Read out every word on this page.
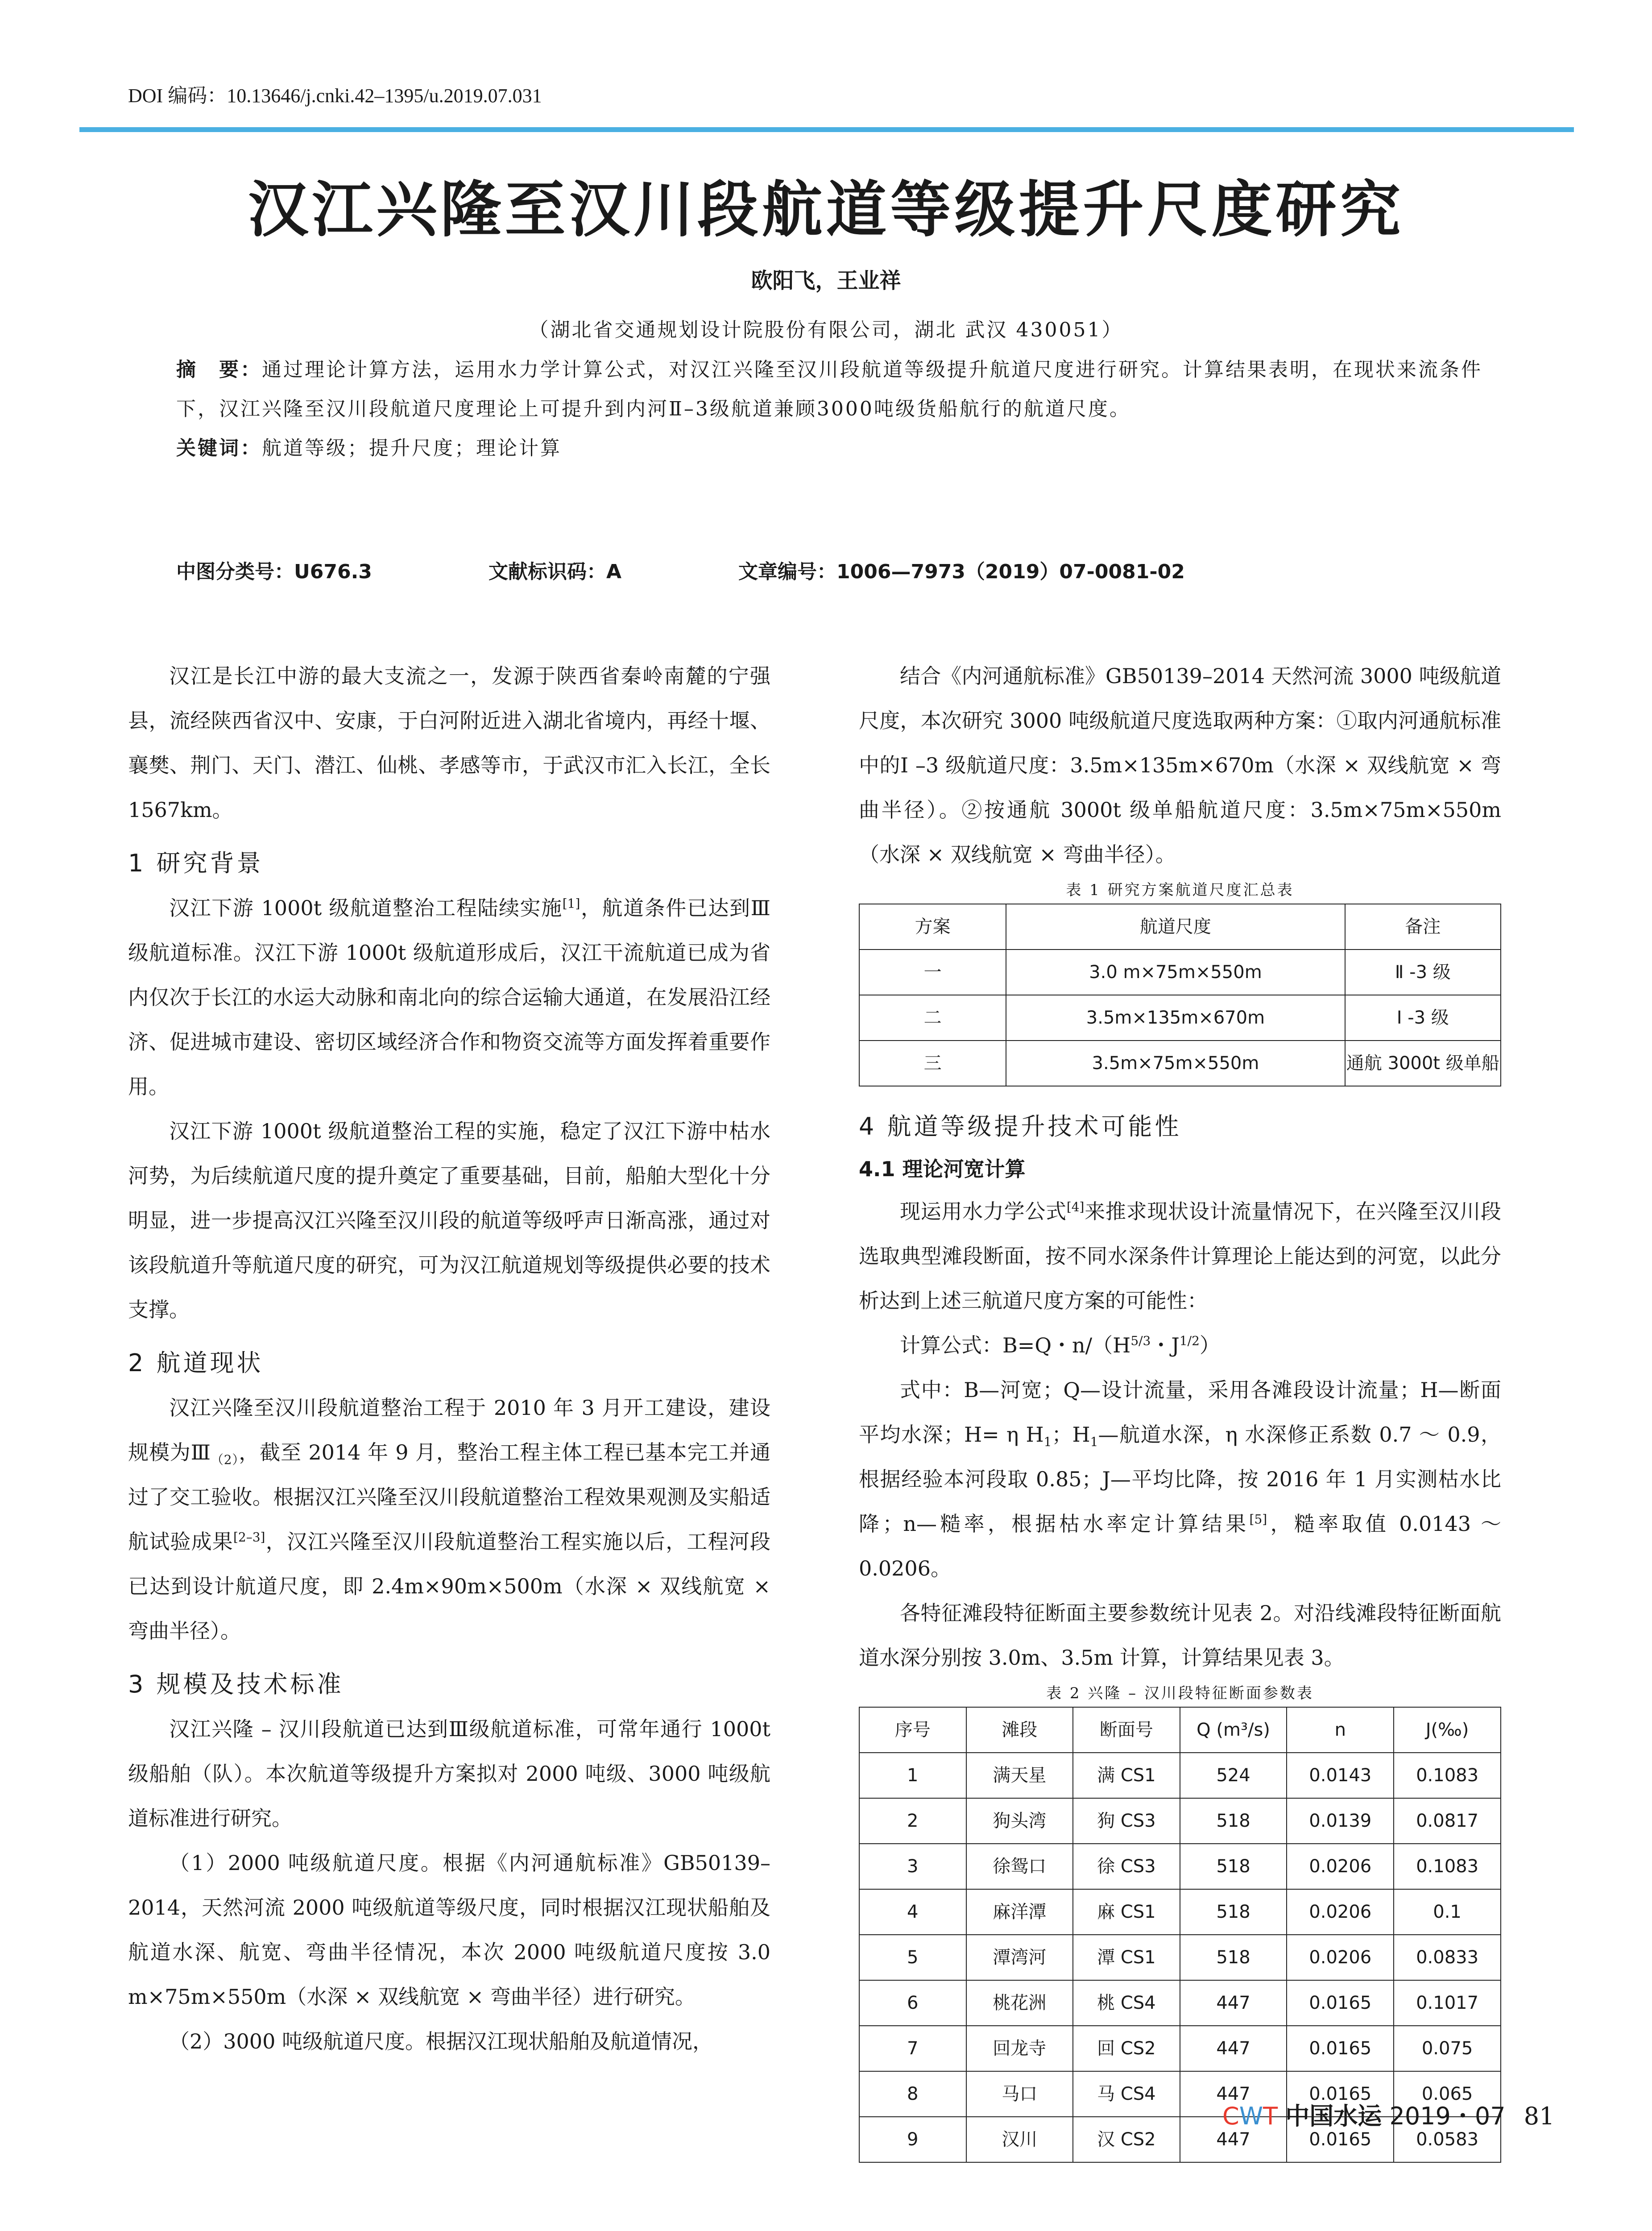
DOI 编码：10.13646/j.cnki.42–1395/u.2019.07.031
汉江兴隆至汉川段航道等级提升尺度研究
欧阳飞，王业祥
（湖北省交通规划设计院股份有限公司，湖北 武汉 430051）
摘　要：通过理论计算方法，运用水力学计算公式，对汉江兴隆至汉川段航道等级提升航道尺度进行研究。计算结果表明，在现状来流条件下，汉江兴隆至汉川段航道尺度理论上可提升到内河Ⅱ–3级航道兼顾3000吨级货船航行的航道尺度。
关键词：航道等级；提升尺度；理论计算
中图分类号：U676.3	文献标识码：A	文章编号：1006—7973（2019）07-0081-02

汉江是长江中游的最大支流之一，发源于陕西省秦岭南麓的宁强县，流经陕西省汉中、安康，于白河附近进入湖北省境内，再经十堰、襄樊、荆门、天门、潜江、仙桃、孝感等市，于武汉市汇入长江，全长 1567km。

1 研究背景

汉江下游 1000t 级航道整治工程陆续实施[1]，航道条件已达到Ⅲ级航道标准。汉江下游 1000t 级航道形成后，汉江干流航道已成为省内仅次于长江的水运大动脉和南北向的综合运输大通道，在发展沿江经济、促进城市建设、密切区域经济合作和物资交流等方面发挥着重要作用。

汉江下游 1000t 级航道整治工程的实施，稳定了汉江下游中枯水河势，为后续航道尺度的提升奠定了重要基础，目前，船舶大型化十分明显，进一步提高汉江兴隆至汉川段的航道等级呼声日渐高涨，通过对该段航道升等航道尺度的研究，可为汉江航道规划等级提供必要的技术支撑。

2 航道现状

汉江兴隆至汉川段航道整治工程于 2010 年 3 月开工建设，建设规模为$Ⅲ_{(2)}$，截至 2014 年 9 月，整治工程主体工程已基本完工并通过了交工验收。根据汉江兴隆至汉川段航道整治工程效果观测及实船适航试验成果[2–3]，汉江兴隆至汉川段航道整治工程实施以后，工程河段已达到设计航道尺度，即 2.4m×90m×500m（水深 × 双线航宽 × 弯曲半径）。

3 规模及技术标准

汉江兴隆 – 汉川段航道已达到Ⅲ级航道标准，可常年通行 1000t 级船舶（队）。本次航道等级提升方案拟对 2000 吨级、3000 吨级航道标准进行研究。

（1）2000 吨级航道尺度。根据《内河通航标准》GB50139–2014，天然河流 2000 吨级航道等级尺度，同时根据汉江现状船舶及航道水深、航宽、弯曲半径情况，本次 2000 吨级航道尺度按 3.0 m×75m×550m（水深 × 双线航宽 × 弯曲半径）进行研究。

（2）3000 吨级航道尺度。根据汉江现状船舶及航道情况，

结合《内河通航标准》GB50139–2014 天然河流 3000 吨级航道尺度，本次研究 3000 吨级航道尺度选取两种方案：①取内河通航标准中的Ⅰ –3 级航道尺度：3.5m×135m×670m（水深 × 双线航宽 × 弯曲半径）。②按通航 3000t 级单船航道尺度：3.5m×75m×550m（水深 × 双线航宽 × 弯曲半径）。

表 1 研究方案航道尺度汇总表

方案	航道尺度	备注
一	3.0 m×75m×550m	Ⅱ -3 级
二	3.5m×135m×670m	Ⅰ -3 级
三	3.5m×75m×550m	通航 3000t 级单船
4 航道等级提升技术可能性
4.1 理论河宽计算

现运用水力学公式[4]来推求现状设计流量情况下，在兴隆至汉川段选取典型滩段断面，按不同水深条件计算理论上能达到的河宽，以此分析达到上述三航道尺度方案的可能性：

计算公式：B=Q・$n/(H^{5/3}$・$J^{1/2}$）

式中：B—河宽；Q—设计流量，采用各滩段设计流量；H—断面平均水深；H= η $H_1$；$H_1—$航道水深，η 水深修正系数 0.7 ～ 0.9，根据经验本河段取 0.85；J—平均比降，按 2016 年 1 月实测枯水比降；n—糙率，根据枯水率定计算结果[5]，糙率取值 0.0143 ～ 0.0206。

各特征滩段特征断面主要参数统计见表 2。对沿线滩段特征断面航道水深分别按 3.0m、3.5m 计算，计算结果见表 3。

表 2 兴隆 – 汉川段特征断面参数表

序号	滩段	断面号	Q (m³/s)	n	J(‰)
1	满天星	满 CS1	524	0.0143	0.1083
2	狗头湾	狗 CS3	518	0.0139	0.0817
3	徐鸳口	徐 CS3	518	0.0206	0.1083
4	麻洋潭	麻 CS1	518	0.0206	0.1
5	潭湾河	潭 CS1	518	0.0206	0.0833
6	桃花洲	桃 CS4	447	0.0165	0.1017
7	回龙寺	回 CS2	447	0.0165	0.075
8	马口	马 CS4	447	0.0165	0.065
9	汉川	汉 CS2	447	0.0165	0.0583
CWT 中国水运 2019・07 81
